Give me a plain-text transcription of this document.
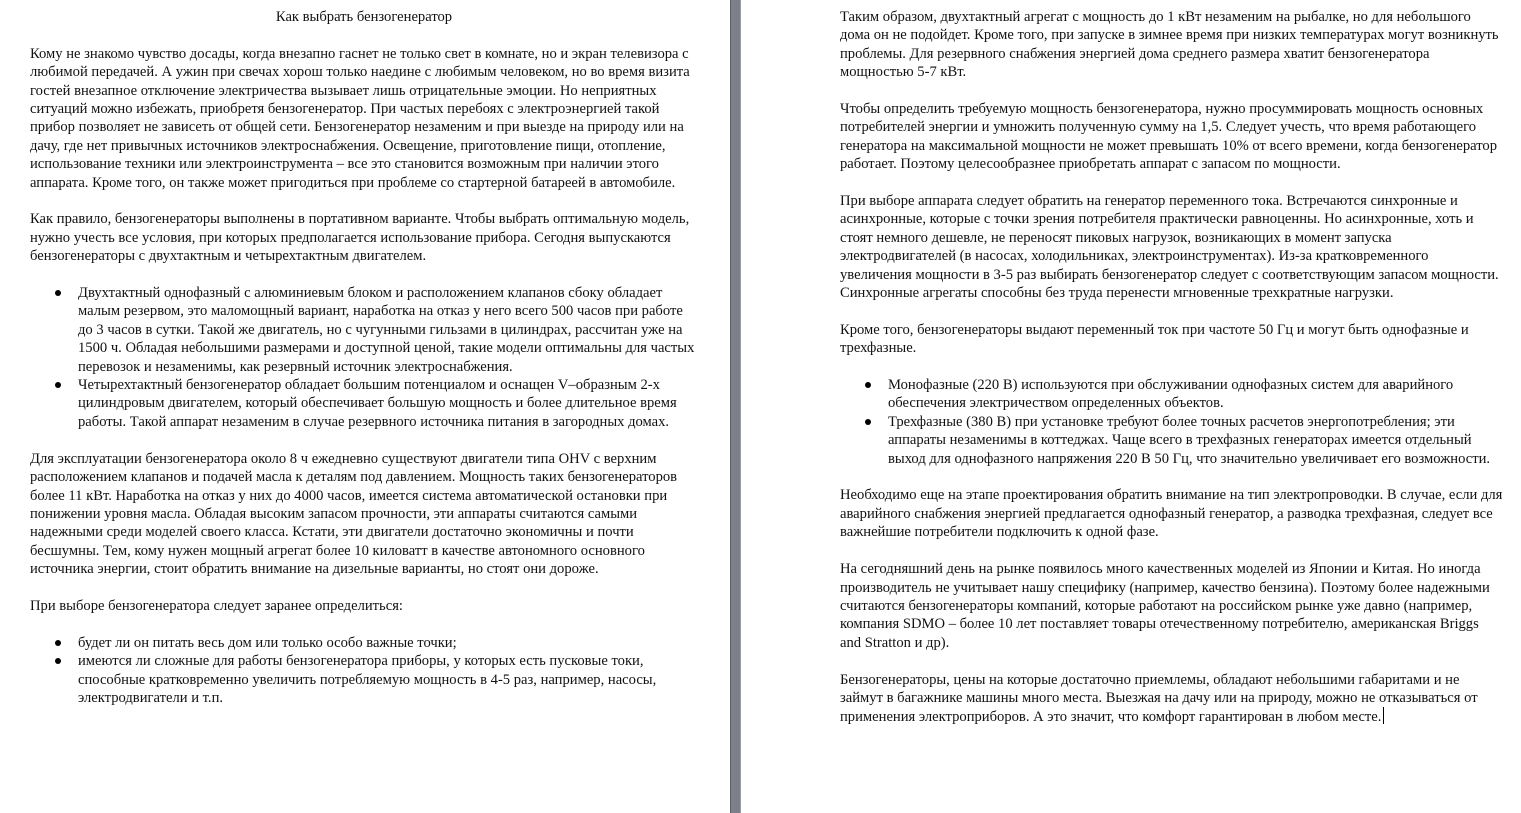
Как выбрать бензогенератор

Кому не знакомо чувство досады, когда внезапно гаснет не только свет в комнате, но и экран телевизора с любимой передачей. А ужин при свечах хорош только наедине с любимым человеком, но во время визита гостей внезапное отключение электричества вызывает лишь отрицательные эмоции. Но неприятных ситуаций можно избежать, приобретя бензогенератор. При частых перебоях с электроэнергией такой прибор позволяет не зависеть от общей сети. Бензогенератор незаменим и при выезде на природу или на дачу, где нет привычных источников электроснабжения. Освещение, приготовление пищи, отопление, использование техники или электроинструмента – все это становится возможным при наличии этого аппарата. Кроме того, он также может пригодиться при проблеме со стартерной батареей в автомобиле.

Как правило, бензогенераторы выполнены в портативном варианте. Чтобы выбрать оптимальную модель, нужно учесть все условия, при которых предполагается использование прибора. Сегодня выпускаются бензогенераторы с двухтактным и четырехтактным двигателем.

Двухтактный однофазный с алюминиевым блоком и расположением клапанов сбоку обладает малым резервом, это маломощный вариант, наработка на отказ у него всего 500 часов при работе до 3 часов в сутки. Такой же двигатель, но с чугунными гильзами в цилиндрах, рассчитан уже на 1500 ч. Обладая небольшими размерами и доступной ценой, такие модели оптимальны для частых перевозок и незаменимы, как резервный источник электроснабжения.
Четырехтактный бензогенератор обладает большим потенциалом и оснащен V–образным 2-х цилиндровым двигателем, который обеспечивает большую мощность и более длительное время работы. Такой аппарат незаменим в случае резервного источника питания в загородных домах.

Для эксплуатации бензогенератора около 8 ч ежедневно существуют двигатели типа OHV с верхним расположением клапанов и подачей масла к деталям под давлением. Мощность таких бензогенераторов более 11 кВт. Наработка на отказ у них до 4000 часов, имеется система автоматической остановки при понижении уровня масла. Обладая высоким запасом прочности, эти аппараты считаются самыми надежными среди моделей своего класса. Кстати, эти двигатели достаточно экономичны и почти бесшумны. Тем, кому нужен мощный агрегат более 10 киловатт в качестве автономного основного источника энергии, стоит обратить внимание на дизельные варианты, но стоят они дороже.

При выборе бензогенератора следует заранее определиться:

будет ли он питать весь дом или только особо важные точки;
имеются ли сложные для работы бензогенератора приборы, у которых есть пусковые токи, способные кратковременно увеличить потребляемую мощность в 4-5 раз, например, насосы, электродвигатели и т.п.

Таким образом, двухтактный агрегат с мощность до 1 кВт незаменим на рыбалке, но для небольшого дома он не подойдет. Кроме того, при запуске в зимнее время при низких температурах могут возникнуть проблемы. Для резервного снабжения энергией дома среднего размера хватит бензогенератора мощностью 5-7 кВт.

Чтобы определить требуемую мощность бензогенератора, нужно просуммировать мощность основных потребителей энергии и умножить полученную сумму на 1,5. Следует учесть, что время работающего генератора на максимальной мощности не может превышать 10% от всего времени, когда бензогенератор работает. Поэтому целесообразнее приобретать аппарат с запасом по мощности.

При выборе аппарата следует обратить на генератор переменного тока. Встречаются синхронные и асинхронные, которые с точки зрения потребителя практически равноценны. Но асинхронные, хоть и стоят немного дешевле, не переносят пиковых нагрузок, возникающих в момент запуска электродвигателей (в насосах, холодильниках, электроинструментах). Из-за кратковременного увеличения мощности в 3-5 раз выбирать бензогенератор следует с соответствующим запасом мощности. Синхронные агрегаты способны без труда перенести мгновенные трехкратные нагрузки.

Кроме того, бензогенераторы выдают переменный ток при частоте 50 Гц и могут быть однофазные и трехфазные.

Монофазные (220 В) используются при обслуживании однофазных систем для аварийного обеспечения электричеством определенных объектов.
Трехфазные (380 В) при установке требуют более точных расчетов энергопотребления; эти аппараты незаменимы в коттеджах. Чаще всего в трехфазных генераторах имеется отдельный выход для однофазного напряжения 220 В 50 Гц, что значительно увеличивает его возможности.

Необходимо еще на этапе проектирования обратить внимание на тип электропроводки. В случае, если для аварийного снабжения энергией предлагается однофазный генератор, а разводка трехфазная, следует все важнейшие потребители подключить к одной фазе.

На сегодняшний день на рынке появилось много качественных моделей из Японии и Китая. Но иногда производитель не учитывает нашу специфику (например, качество бензина). Поэтому более надежными считаются бензогенераторы компаний, которые работают на российском рынке уже давно (например, компания SDMO – более 10 лет поставляет товары отечественному потребителю, американская Briggs and Stratton и др).

Бензогенераторы, цены на которые достаточно приемлемы, обладают небольшими габаритами и не займут в багажнике машины много места. Выезжая на дачу или на природу, можно не отказываться от применения электроприборов. А это значит, что комфорт гарантирован в любом месте.
